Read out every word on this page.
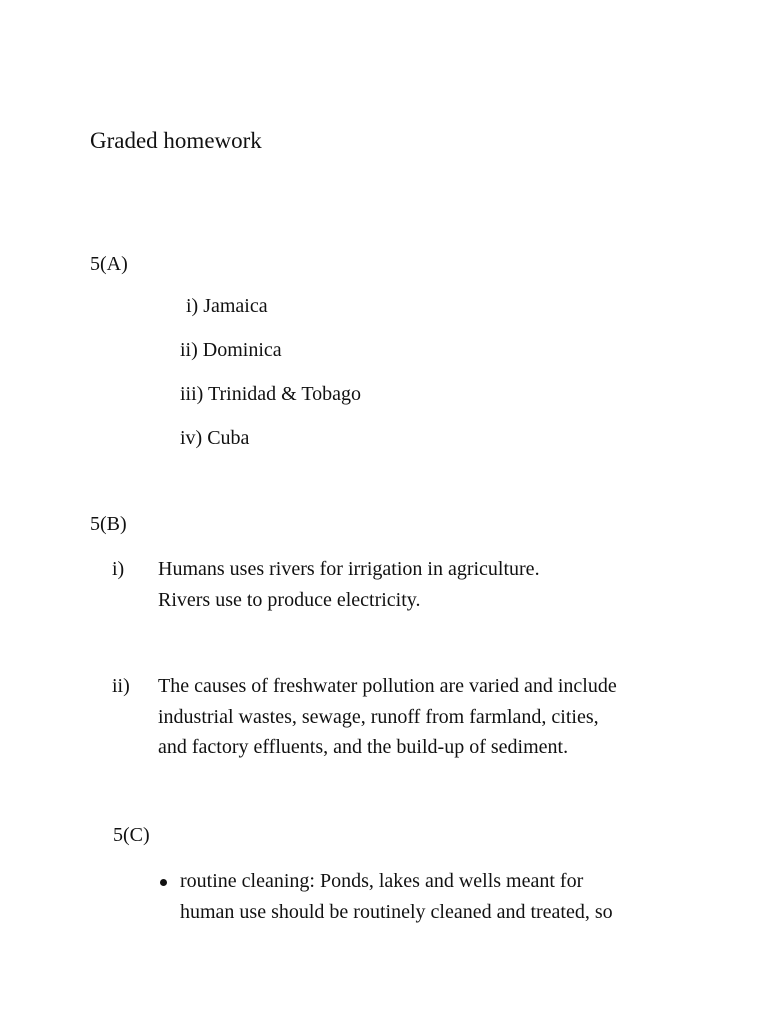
Graded homework
5(A)
i) Jamaica
ii) Dominica
iii) Trinidad & Tobago
iv) Cuba
5(B)
i) Humans uses rivers for irrigation in agriculture.
Rivers use to produce electricity.
ii) The causes of freshwater pollution are varied and include
industrial wastes, sewage, runoff from farmland, cities,
and factory effluents, and the build-up of sediment.
5(C)
routine cleaning: Ponds, lakes and wells meant for
human use should be routinely cleaned and treated, so
